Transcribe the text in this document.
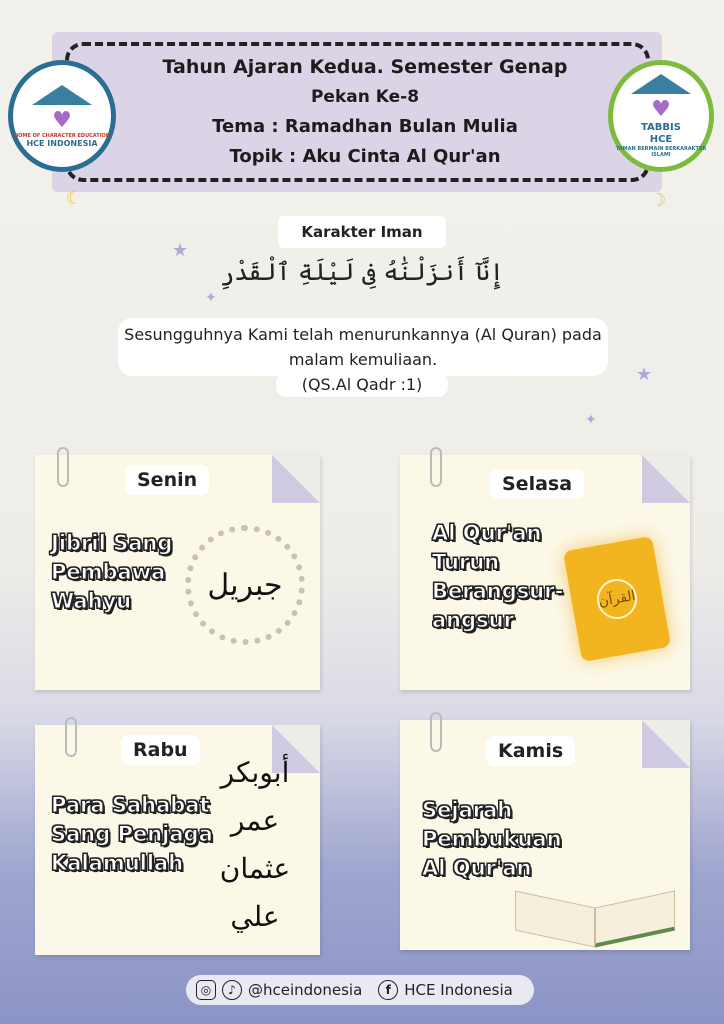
Tahun Ajaran Kedua. Semester Genap
Pekan Ke-8
Tema : Ramadhan Bulan Mulia
Topik : Aku Cinta Al Qur'an
♥
HOME OF CHARACTER EDUCATION
HCE INDONESIA
♥
TABBIS HCE
TAMAN BERMAIN BERKARAKTER ISLAMI
★
★
✦
✦
☾	☽
Karakter Iman
إِنَّآ أَنزَلْنَٰهُ فِى لَيْلَةِ ٱلْقَدْرِ
Sesungguhnya Kami telah menurunkannya (Al Quran) pada malam kemuliaan.
(QS.Al Qadr :1)
Senin
Jibril Sang Pembawa Wahyu	جبريل
Selasa
Al Qur'an Turun Berangsur-angsur
القرآن
Rabu
Para Sahabat Sang Penjaga Kalamullah
أبوبكر عمر عثمان علي
Kamis
Sejarah Pembukuan Al Qur'an
◎	♪ @hceindonesia	f HCE Indonesia
